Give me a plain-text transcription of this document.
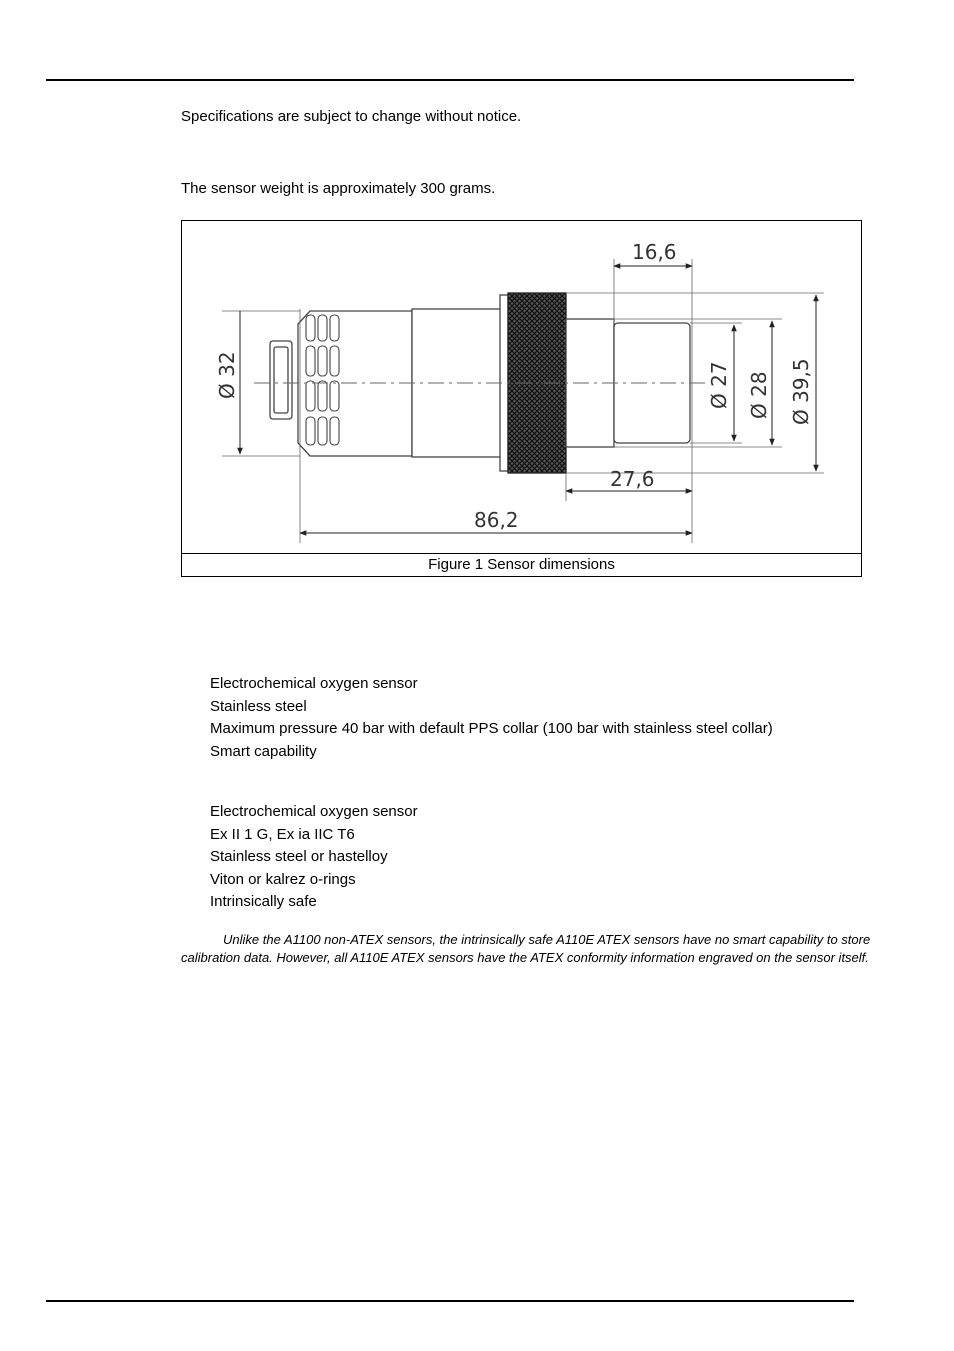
Specifications are subject to change without notice.
The sensor weight is approximately 300 grams.
16,6
27,6
86,2
Ø 32	Ø 27 Ø 28 Ø 39,5
Figure 1 Sensor dimensions
Electrochemical oxygen sensor
Stainless steel
Maximum pressure 40 bar with default PPS collar (100 bar with stainless steel collar)
Smart capability
Electrochemical oxygen sensor
Ex II 1 G, Ex ia IIC T6
Stainless steel or hastelloy
Viton or kalrez o-rings
Intrinsically safe
Unlike the A1100 non-ATEX sensors, the intrinsically safe A110E ATEX sensors have no smart capability to store calibration data. However, all A110E ATEX sensors have the ATEX conformity information engraved on the sensor itself.
